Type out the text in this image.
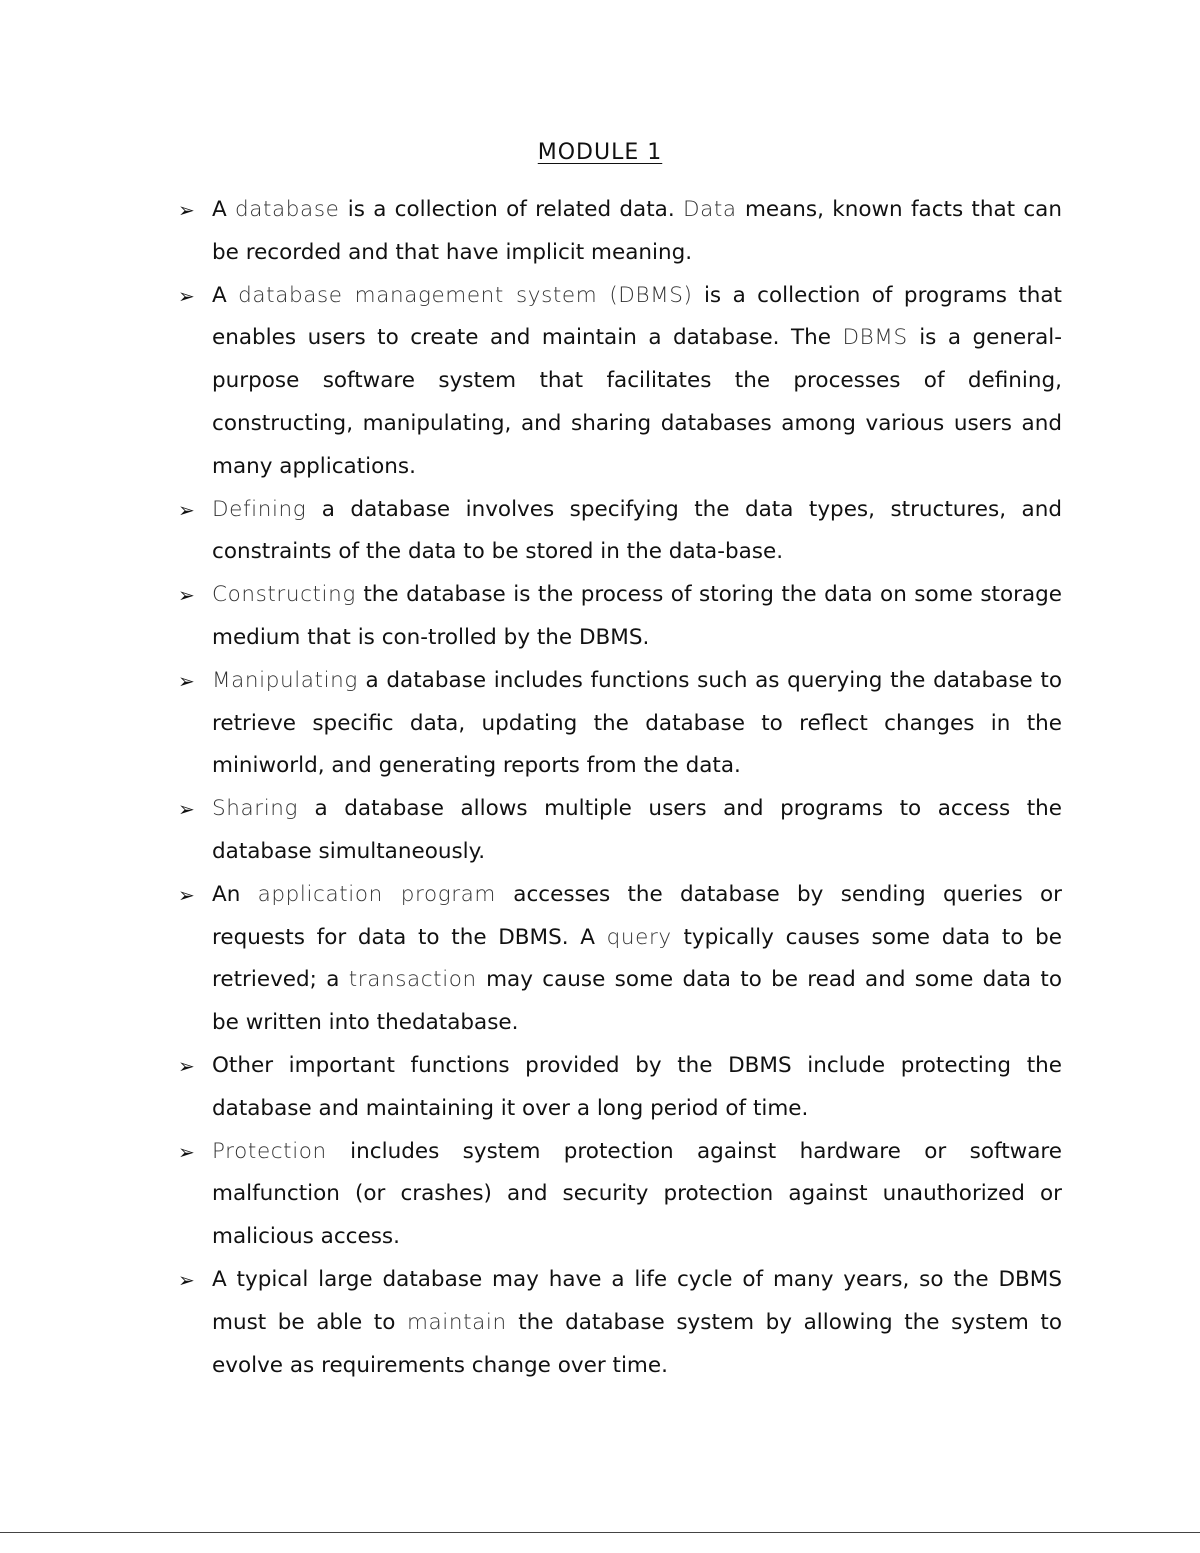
MODULE 1
➢ A database is a collection of related data. Data means, known facts that can be recorded and that have implicit meaning.
➢ A database management system (DBMS) is a collection of programs that enables users to create and maintain a database. The DBMS is a general-purpose software system that facilitates the processes of defining, constructing, manipulating, and sharing databases among various users and many applications.
➢ Defining a database involves specifying the data types, structures, and constraints of the data to be stored in the data-base.
➢ Constructing the database is the process of storing the data on some storage medium that is con-trolled by the DBMS.
➢ Manipulating a database includes functions such as querying the database to retrieve specific data, updating the database to reflect changes in the miniworld, and generating reports from the data.
➢ Sharing a database allows multiple users and programs to access the database simultaneously.
➢ An application program accesses the database by sending queries or requests for data to the DBMS. A query typically causes some data to be retrieved; a transaction may cause some data to be read and some data to be written into thedatabase.
➢ Other important functions provided by the DBMS include protecting the database and maintaining it over a long period of time.
➢ Protection includes system protection against hardware or software malfunction (or crashes) and security protection against unauthorized or malicious access.
➢ A typical large database may have a life cycle of many years, so the DBMS must be able to maintain the database system by allowing the system to evolve as requirements change over time.
